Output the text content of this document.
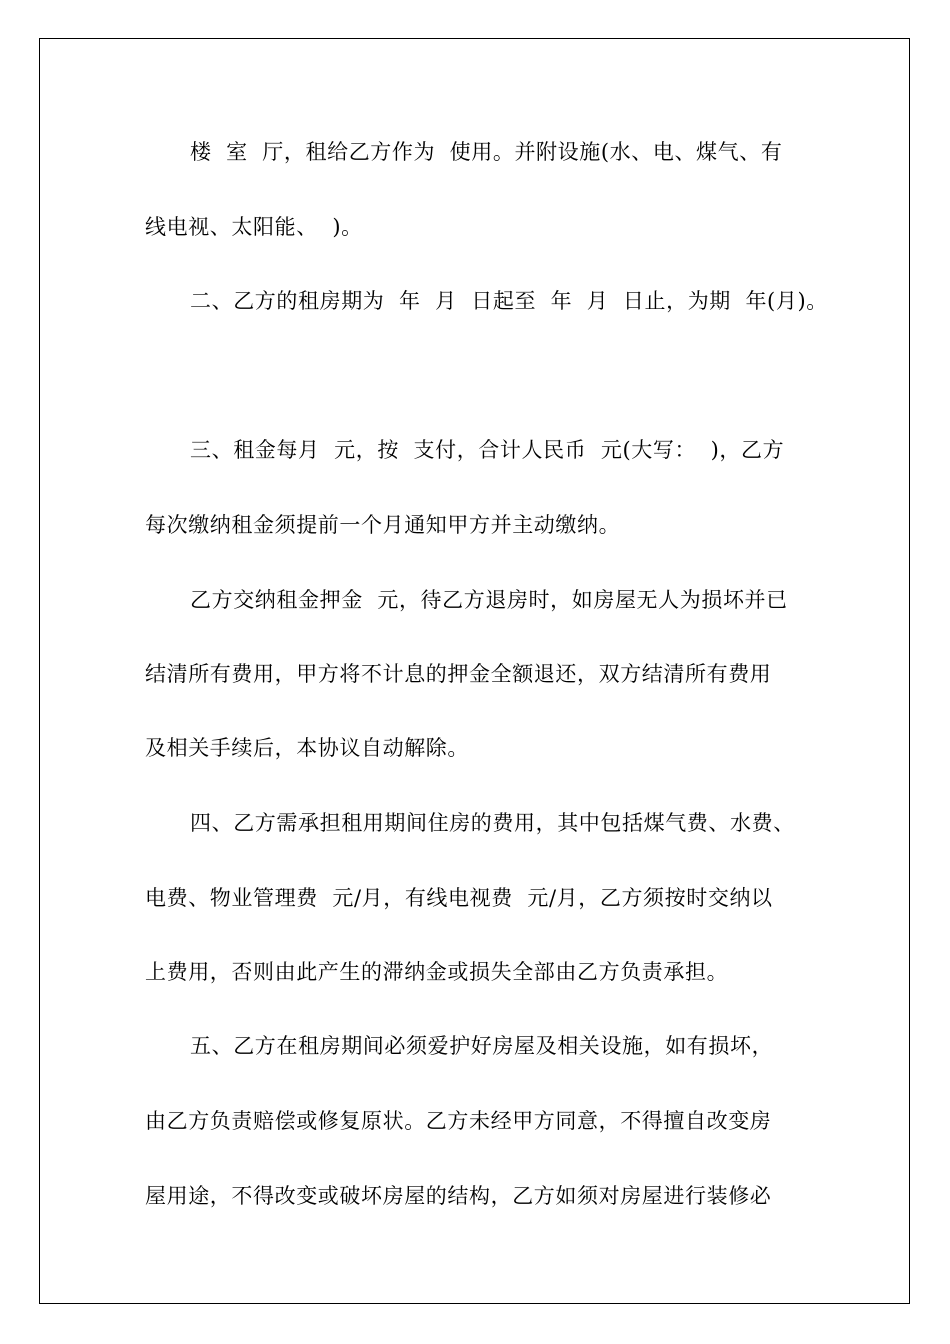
楼  室  厅，租给乙方作为  使用。并附设施(水、电、煤气、有
线电视、太阳能、  )。
二、乙方的租房期为  年  月  日起至  年  月  日止，为期  年(月)。
三、租金每月  元，按  支付，合计人民币  元(大写：  )，乙方
每次缴纳租金须提前一个月通知甲方并主动缴纳。
乙方交纳租金押金  元，待乙方退房时，如房屋无人为损坏并已
结清所有费用，甲方将不计息的押金全额退还，双方结清所有费用
及相关手续后，本协议自动解除。
四、乙方需承担租用期间住房的费用，其中包括煤气费、水费、
电费、物业管理费  元/月，有线电视费  元/月，乙方须按时交纳以
上费用，否则由此产生的滞纳金或损失全部由乙方负责承担。
五、乙方在租房期间必须爱护好房屋及相关设施，如有损坏，
由乙方负责赔偿或修复原状。乙方未经甲方同意，不得擅自改变房
屋用途，不得改变或破坏房屋的结构，乙方如须对房屋进行装修必
